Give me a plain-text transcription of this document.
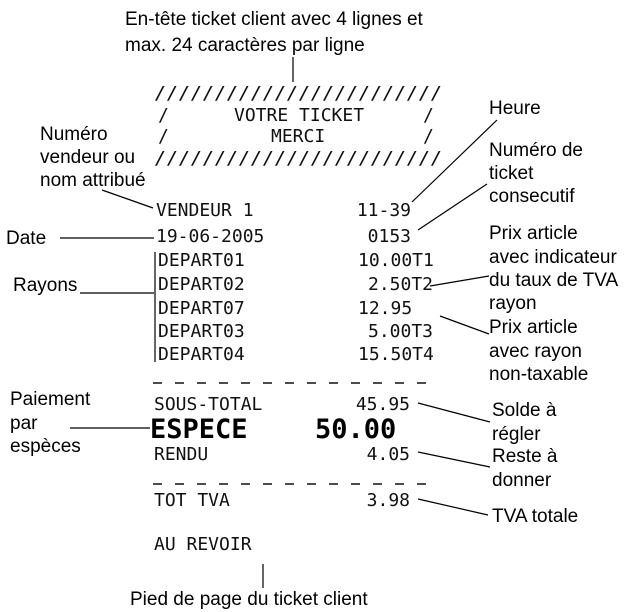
En-tête ticket client avec 4 lignes et
max. 24 caractères par ligne
////////////////////////
/	VOTRE TICKET	/
/	MERCI	/
////////////////////////
Numéro
vendeur ou
nom attribué
Date
Rayons
Paiement
par
espèces
VENDEUR 1	11-39
19-06-2005	0153
DEPART01	10.00T1
DEPART02	2.50T2
DEPART07	12.95
DEPART03	5.00T3
DEPART04	15.50T4
SOUS-TOTAL	45.95
ESPECE 50.00
RENDU	4.05
TOT TVA	3.98
AU REVOIR
Heure
Numéro de
ticket
consecutif
Prix article
avec indicateur
du taux de TVA
rayon
Prix article
avec rayon
non-taxable
Solde à
régler
Reste à
donner
TVA totale
Pied de page du ticket client
